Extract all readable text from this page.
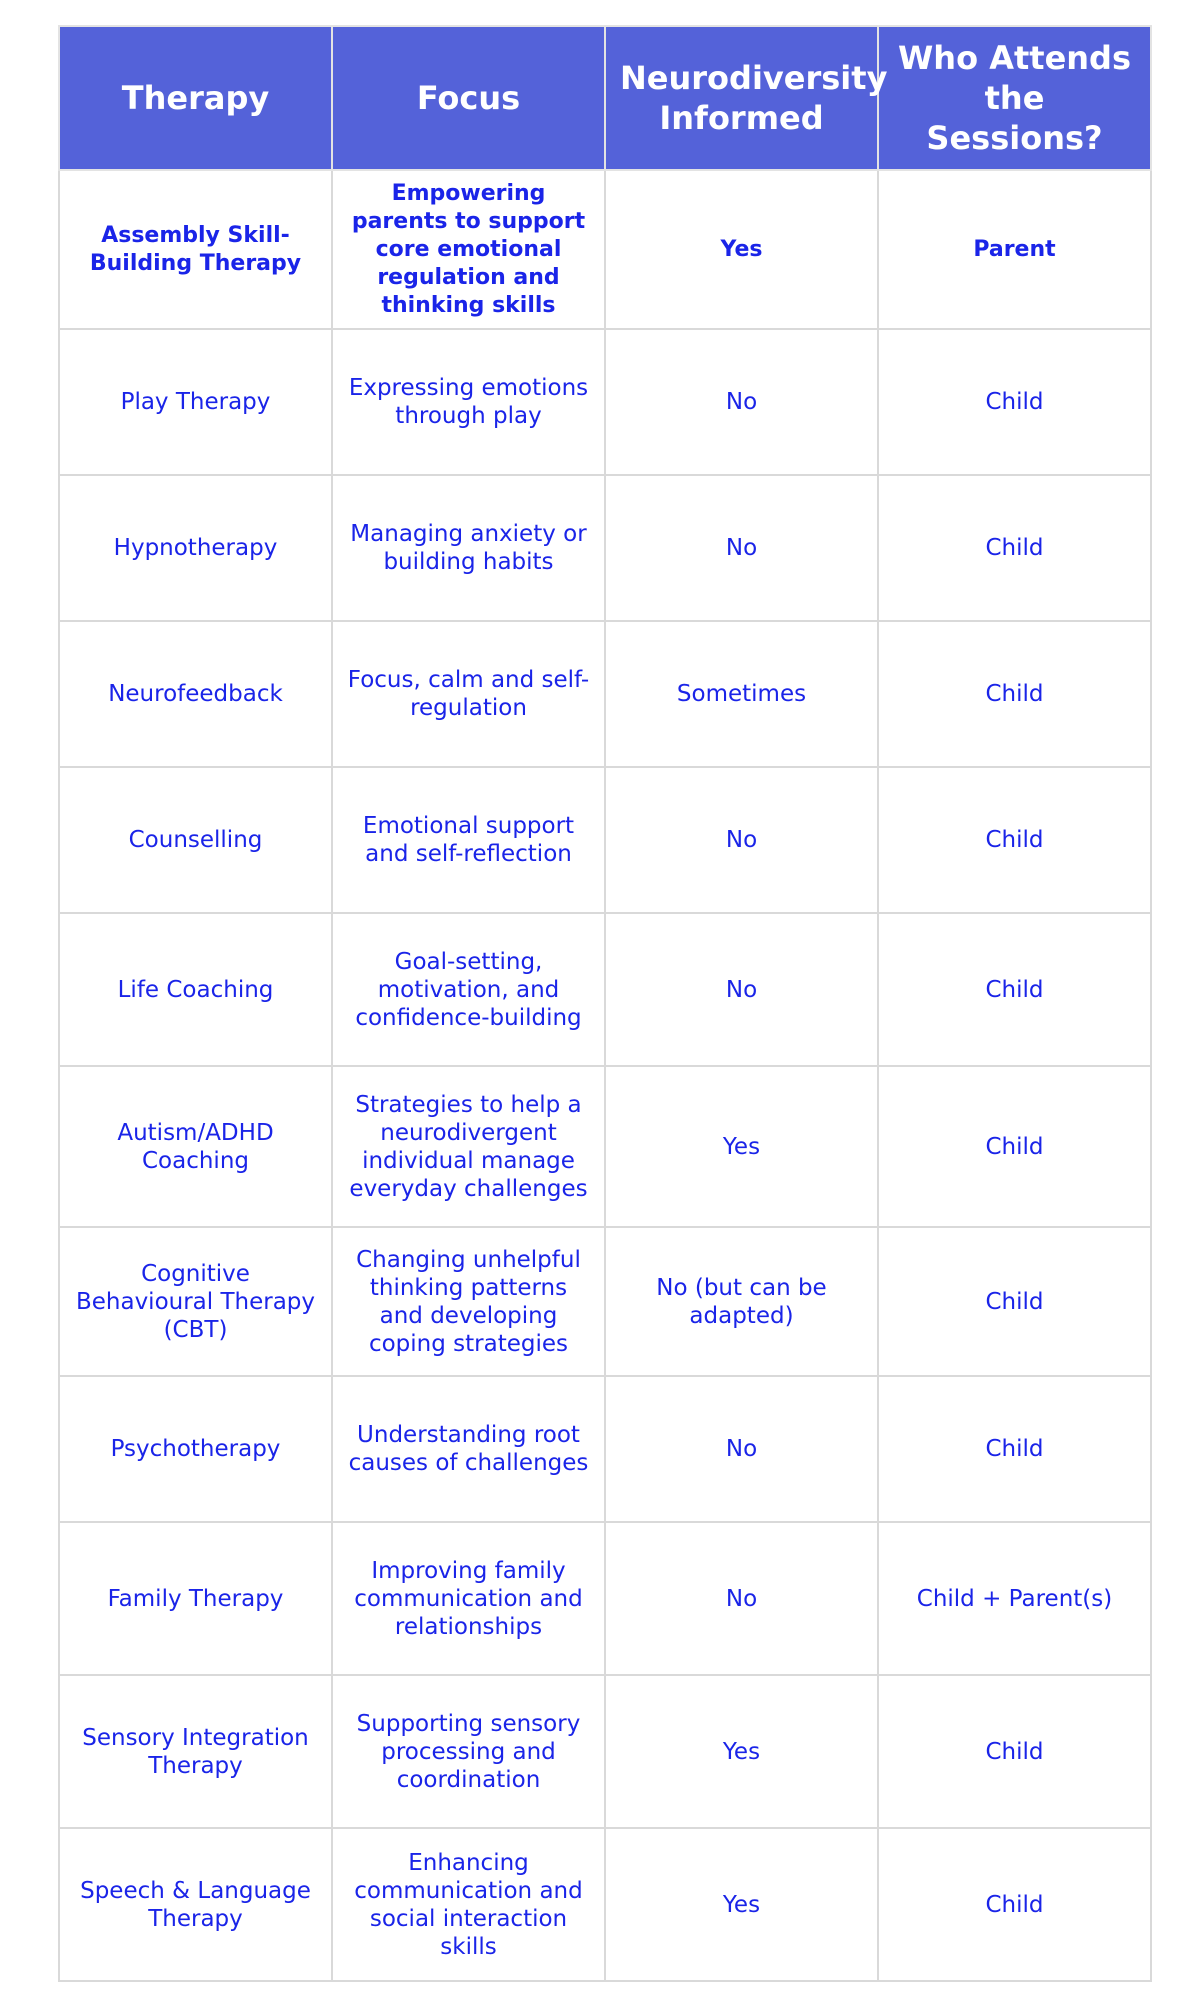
Therapy	Focus	Neurodiversity Informed	Who Attends the Sessions?
Assembly Skill-Building Therapy	Empowering parents to support core emotional regulation and thinking skills	Yes	Parent
Play Therapy	Expressing emotions through play	No	Child
Hypnotherapy	Managing anxiety or building habits	No	Child
Neurofeedback	Focus, calm and self-regulation	Sometimes	Child
Counselling	Emotional support and self-reflection	No	Child
Life Coaching	Goal-setting, motivation, and confidence-building	No	Child
Autism/ADHD Coaching	Strategies to help a neurodivergent individual manage everyday challenges	Yes	Child
Cognitive Behavioural Therapy (CBT)	Changing unhelpful thinking patterns and developing coping strategies	No (but can be adapted)	Child
Psychotherapy	Understanding root causes of challenges	No	Child
Family Therapy	Improving family communication and relationships	No	Child + Parent(s)
Sensory Integration Therapy	Supporting sensory processing and coordination	Yes	Child
Speech & Language Therapy	Enhancing communication and social interaction skills	Yes	Child
